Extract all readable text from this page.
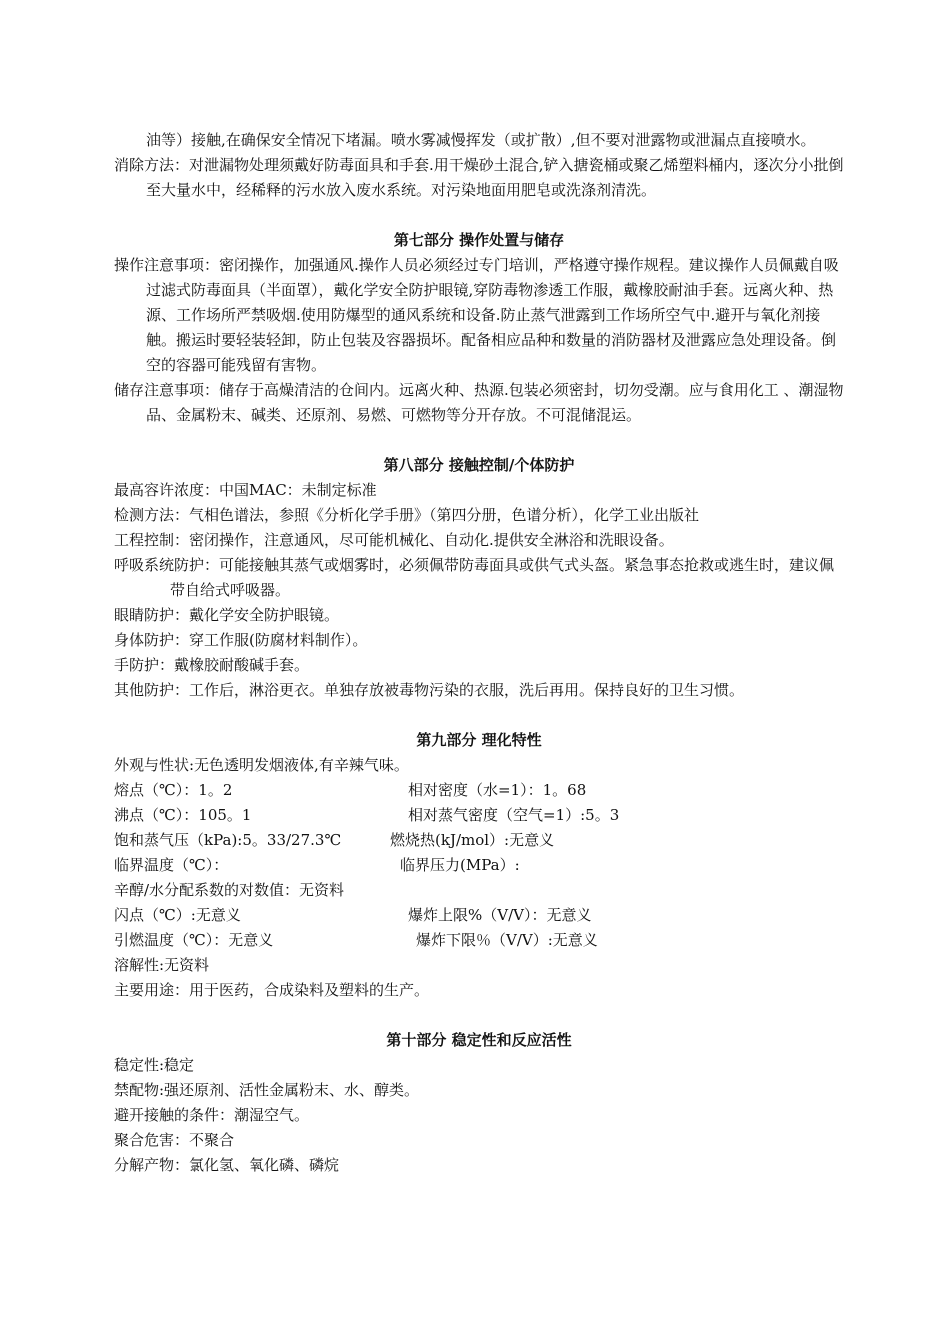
油等）接触,在确保安全情况下堵漏。喷水雾减慢挥发（或扩散）,但不要对泄露物或泄漏点直接喷水。

消除方法：对泄漏物处理须戴好防毒面具和手套.用干燥砂土混合,铲入搪瓷桶或聚乙烯塑料桶内，逐次分小批倒至大量水中，经稀释的污水放入废水系统。对污染地面用肥皂或洗涤剂清洗。

第七部分 操作处置与储存

操作注意事项：密闭操作，加强通风.操作人员必须经过专门培训，严格遵守操作规程。建议操作人员佩戴自吸过滤式防毒面具（半面罩），戴化学安全防护眼镜,穿防毒物渗透工作服，戴橡胶耐油手套。远离火种、热源、工作场所严禁吸烟.使用防爆型的通风系统和设备.防止蒸气泄露到工作场所空气中.避开与氧化剂接触。搬运时要轻装轻卸，防止包装及容器损坏。配备相应品种和数量的消防器材及泄露应急处理设备。倒空的容器可能残留有害物。

储存注意事项：储存于高燥清洁的仓间内。远离火种、热源.包装必须密封，切勿受潮。应与食用化工 、潮湿物品、金属粉末、碱类、还原剂、易燃、可燃物等分开存放。不可混储混运。

第八部分 接触控制/个体防护

最高容许浓度：中国MAC：未制定标准

检测方法：气相色谱法，参照《分析化学手册》（第四分册，色谱分析），化学工业出版社

工程控制：密闭操作，注意通风，尽可能机械化、自动化.提供安全淋浴和洗眼设备。

呼吸系统防护：可能接触其蒸气或烟雾时，必须佩带防毒面具或供气式头盔。紧急事态抢救或逃生时，建议佩带自给式呼吸器。

眼睛防护：戴化学安全防护眼镜。

身体防护：穿工作服(防腐材料制作）。

手防护：戴橡胶耐酸碱手套。

其他防护：工作后，淋浴更衣。单独存放被毒物污染的衣服，洗后再用。保持良好的卫生习惯。

第九部分 理化特性

外观与性状:无色透明发烟液体,有辛辣气味。

熔点（℃）：1。2	相对密度（水=1）：1。68
沸点（℃）：105。1	相对蒸气密度（空气=1）:5。3
饱和蒸气压（kPa):5。33/27.3℃	燃烧热(kJ/mol）:无意义
临界温度（℃）：	临界压力(MPa）:

辛醇/水分配系数的对数值：无资料

闪点（℃）:无意义	爆炸上限%（V/V）：无意义
引燃温度（℃）：无意义	爆炸下限％（V/V）:无意义

溶解性:无资料

主要用途：用于医药，合成染料及塑料的生产。

第十部分 稳定性和反应活性

稳定性:稳定

禁配物:强还原剂、活性金属粉末、水、醇类。

避开接触的条件：潮湿空气。

聚合危害：不聚合

分解产物：氯化氢、氧化磷、磷烷
